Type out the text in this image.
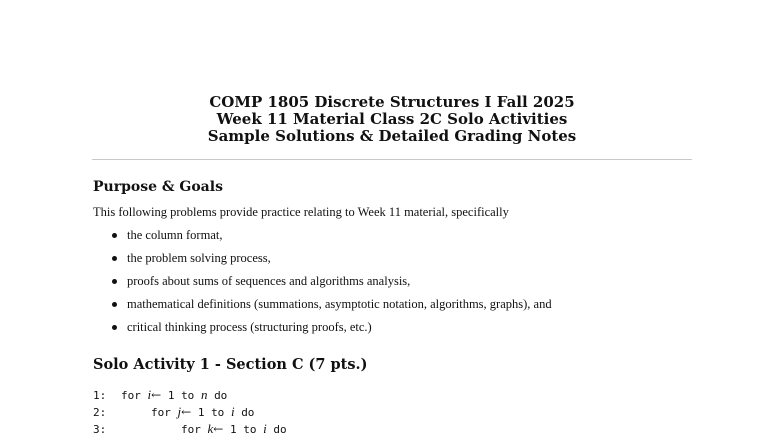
COMP 1805 Discrete Structures I Fall 2025
Week 11 Material Class 2C Solo Activities
Sample Solutions & Detailed Grading Notes
Purpose & Goals
This following problems provide practice relating to Week 11 material, specifically
the column format,
the problem solving process,
proofs about sums of sequences and algorithms analysis,
mathematical definitions (summations, asymptotic notation, algorithms, graphs), and
critical thinking process (structuring proofs, etc.)
Solo Activity 1 - Section C (7 pts.)
1: for i← 1 to n do
2:	for j← 1 to i do
3:	for k← 1 to i do
